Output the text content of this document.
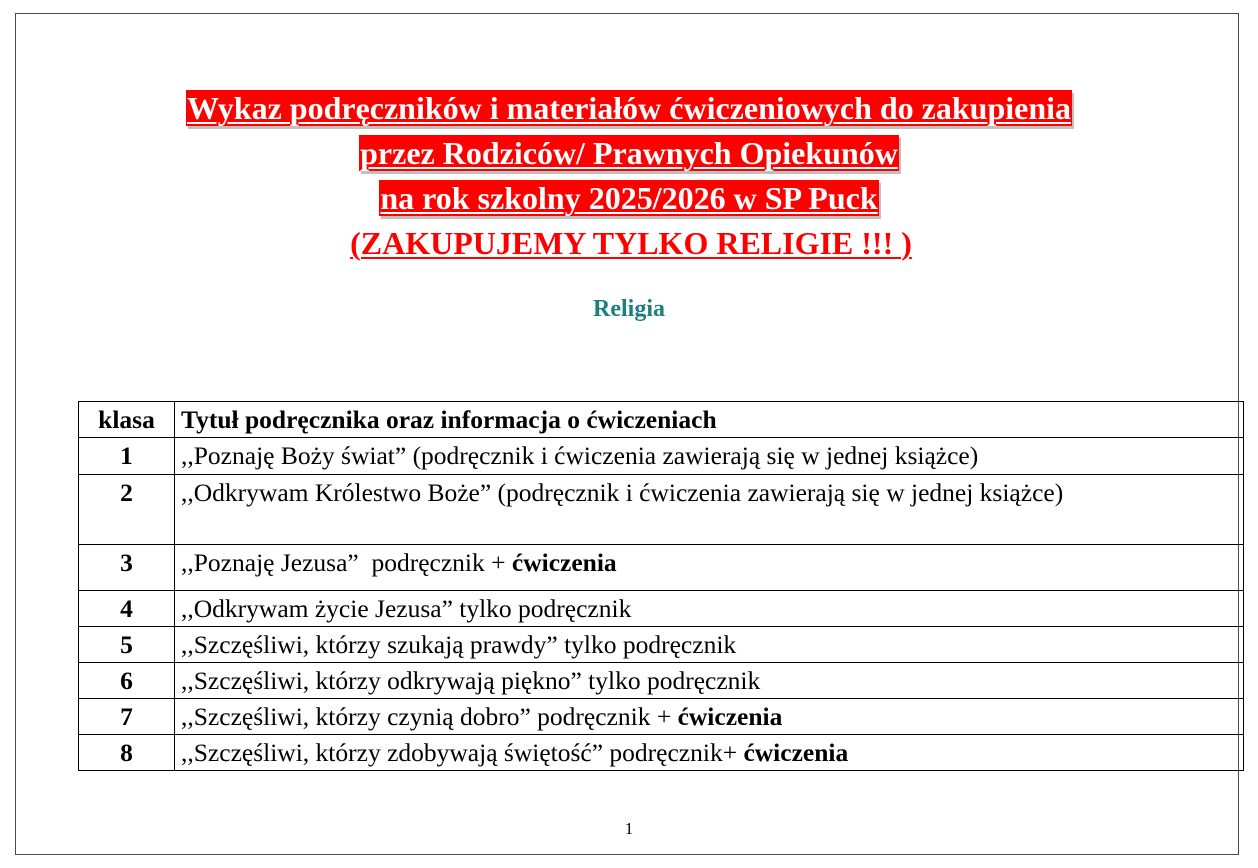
Wykaz podręczników i materiałów ćwiczeniowych do zakupienia
przez Rodziców/ Prawnych Opiekunów
na rok szkolny 2025/2026 w SP Puck
(ZAKUPUJEMY TYLKO RELIGIE !!! )
Religia
klasa	Tytuł podręcznika oraz informacja o ćwiczeniach
1	,,Poznaję Boży świat” (podręcznik i ćwiczenia zawierają się w jednej książce)
2	,,Odkrywam Królestwo Boże” (podręcznik i ćwiczenia zawierają się w jednej książce)
3	,,Poznaję Jezusa”  podręcznik + ćwiczenia
4	,,Odkrywam życie Jezusa” tylko podręcznik
5	,,Szczęśliwi, którzy szukają prawdy” tylko podręcznik
6	,,Szczęśliwi, którzy odkrywają piękno” tylko podręcznik
7	,,Szczęśliwi, którzy czynią dobro” podręcznik + ćwiczenia
8	,,Szczęśliwi, którzy zdobywają świętość” podręcznik+ ćwiczenia
1
